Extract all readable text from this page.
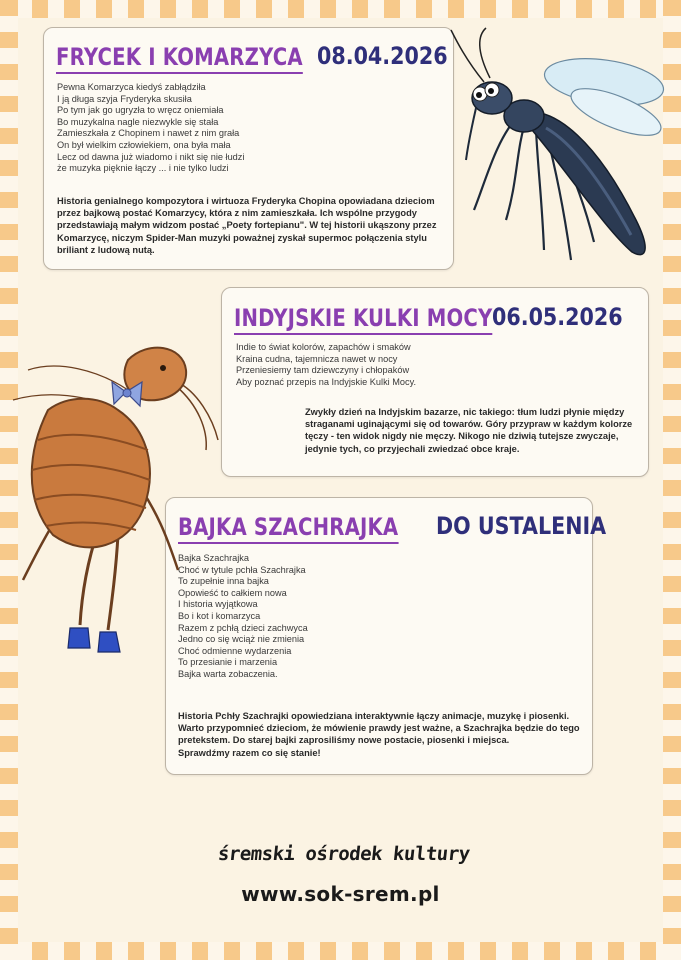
FRYCEK I KOMARZYCA 08.04.2026
Pewna Komarzyca kiedyś zabłądziła
I ją długa szyja Fryderyka skusiła
Po tym jak go ugryzła to wręcz oniemiała
Bo muzykalna nagle niezwykle się stała
Zamieszkała z Chopinem i nawet z nim grała
On był wielkim człowiekiem, ona była mała
Lecz od dawna już wiadomo i nikt się nie łudzi
że muzyka pięknie łączy ... i nie tylko ludzi
Historia genialnego kompozytora i wirtuoza Fryderyka Chopina opowiadana dzieciom
przez bajkową postać Komarzycy, która z nim zamieszkała. Ich wspólne przygody
przedstawiają małym widzom postać „Poety fortepianu". W tej historii ukąszony przez
Komarzycę, niczym Spider-Man muzyki poważnej zyskał supermoc połączenia stylu
briliant z ludową nutą.
INDYJSKIE KULKI MOCY 06.05.2026
Indie to świat kolorów, zapachów i smaków
Kraina cudna, tajemnicza nawet w nocy
Przeniesiemy tam dziewczyny i chłopaków
Aby poznać przepis na Indyjskie Kulki Mocy.
Zwykły dzień na Indyjskim bazarze, nic takiego: tłum ludzi płynie między
straganami uginającymi się od towarów. Góry przypraw w każdym kolorze
tęczy - ten widok nigdy nie męczy. Nikogo nie dziwią tutejsze zwyczaje,
jedynie tych, co przyjechali zwiedzać obce kraje.
BAJKA SZACHRAJKA DO USTALENIA
Bajka Szachrajka
Choć w tytule pchła Szachrajka
To zupełnie inna bajka
Opowieść to całkiem nowa
I historia wyjątkowa
Bo i kot i komarzyca
Razem z pchłą dzieci zachwyca
Jedno co się wciąż nie zmienia
Choć odmienne wydarzenia
To przesianie i marzenia
Bajka warta zobaczenia.
Historia Pchły Szachrajki opowiedziana interaktywnie łączy animacje, muzykę i piosenki.
Warto przypomnieć dzieciom, że mówienie prawdy jest ważne, a Szachrajka będzie do tego
pretekstem. Do starej bajki zaprosiliśmy nowe postacie, piosenki i miejsca.
Sprawdźmy razem co się stanie!
śremski ośrodek kultury
www.sok-srem.pl
